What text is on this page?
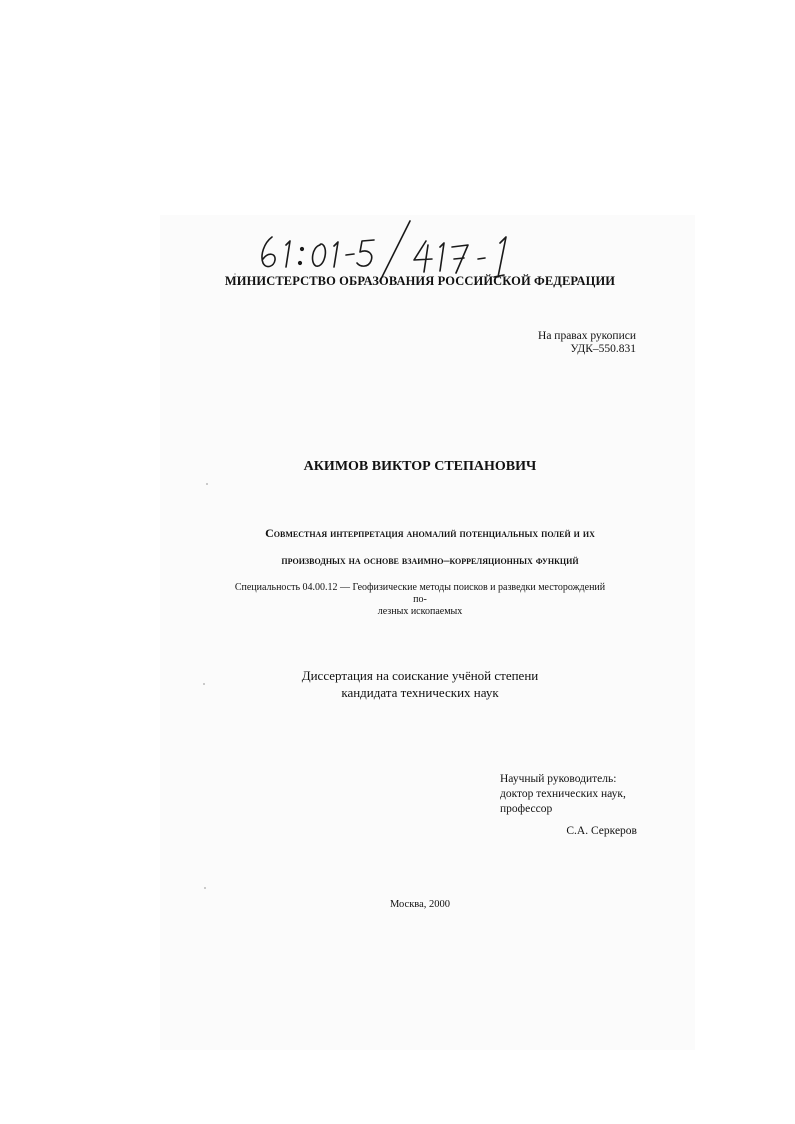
МИНИСТЕРСТВО ОБРАЗОВАНИЯ РОССИЙСКОЙ ФЕДЕРАЦИИ
На правах рукописи
УДК–550.831
АКИМОВ ВИКТОР СТЕПАНОВИЧ
Совместная интерпретация аномалий потенциальных полей и их
производных на основе взаимно–корреляционных функций
Специальность 04.00.12 — Геофизические методы поисков и разведки месторождений по-
лезных ископаемых
Диссертация на соискание учёной степени
кандидата технических наук
Научный руководитель:
доктор технических наук,
профессор
С.А. Серкеров
Москва, 2000
